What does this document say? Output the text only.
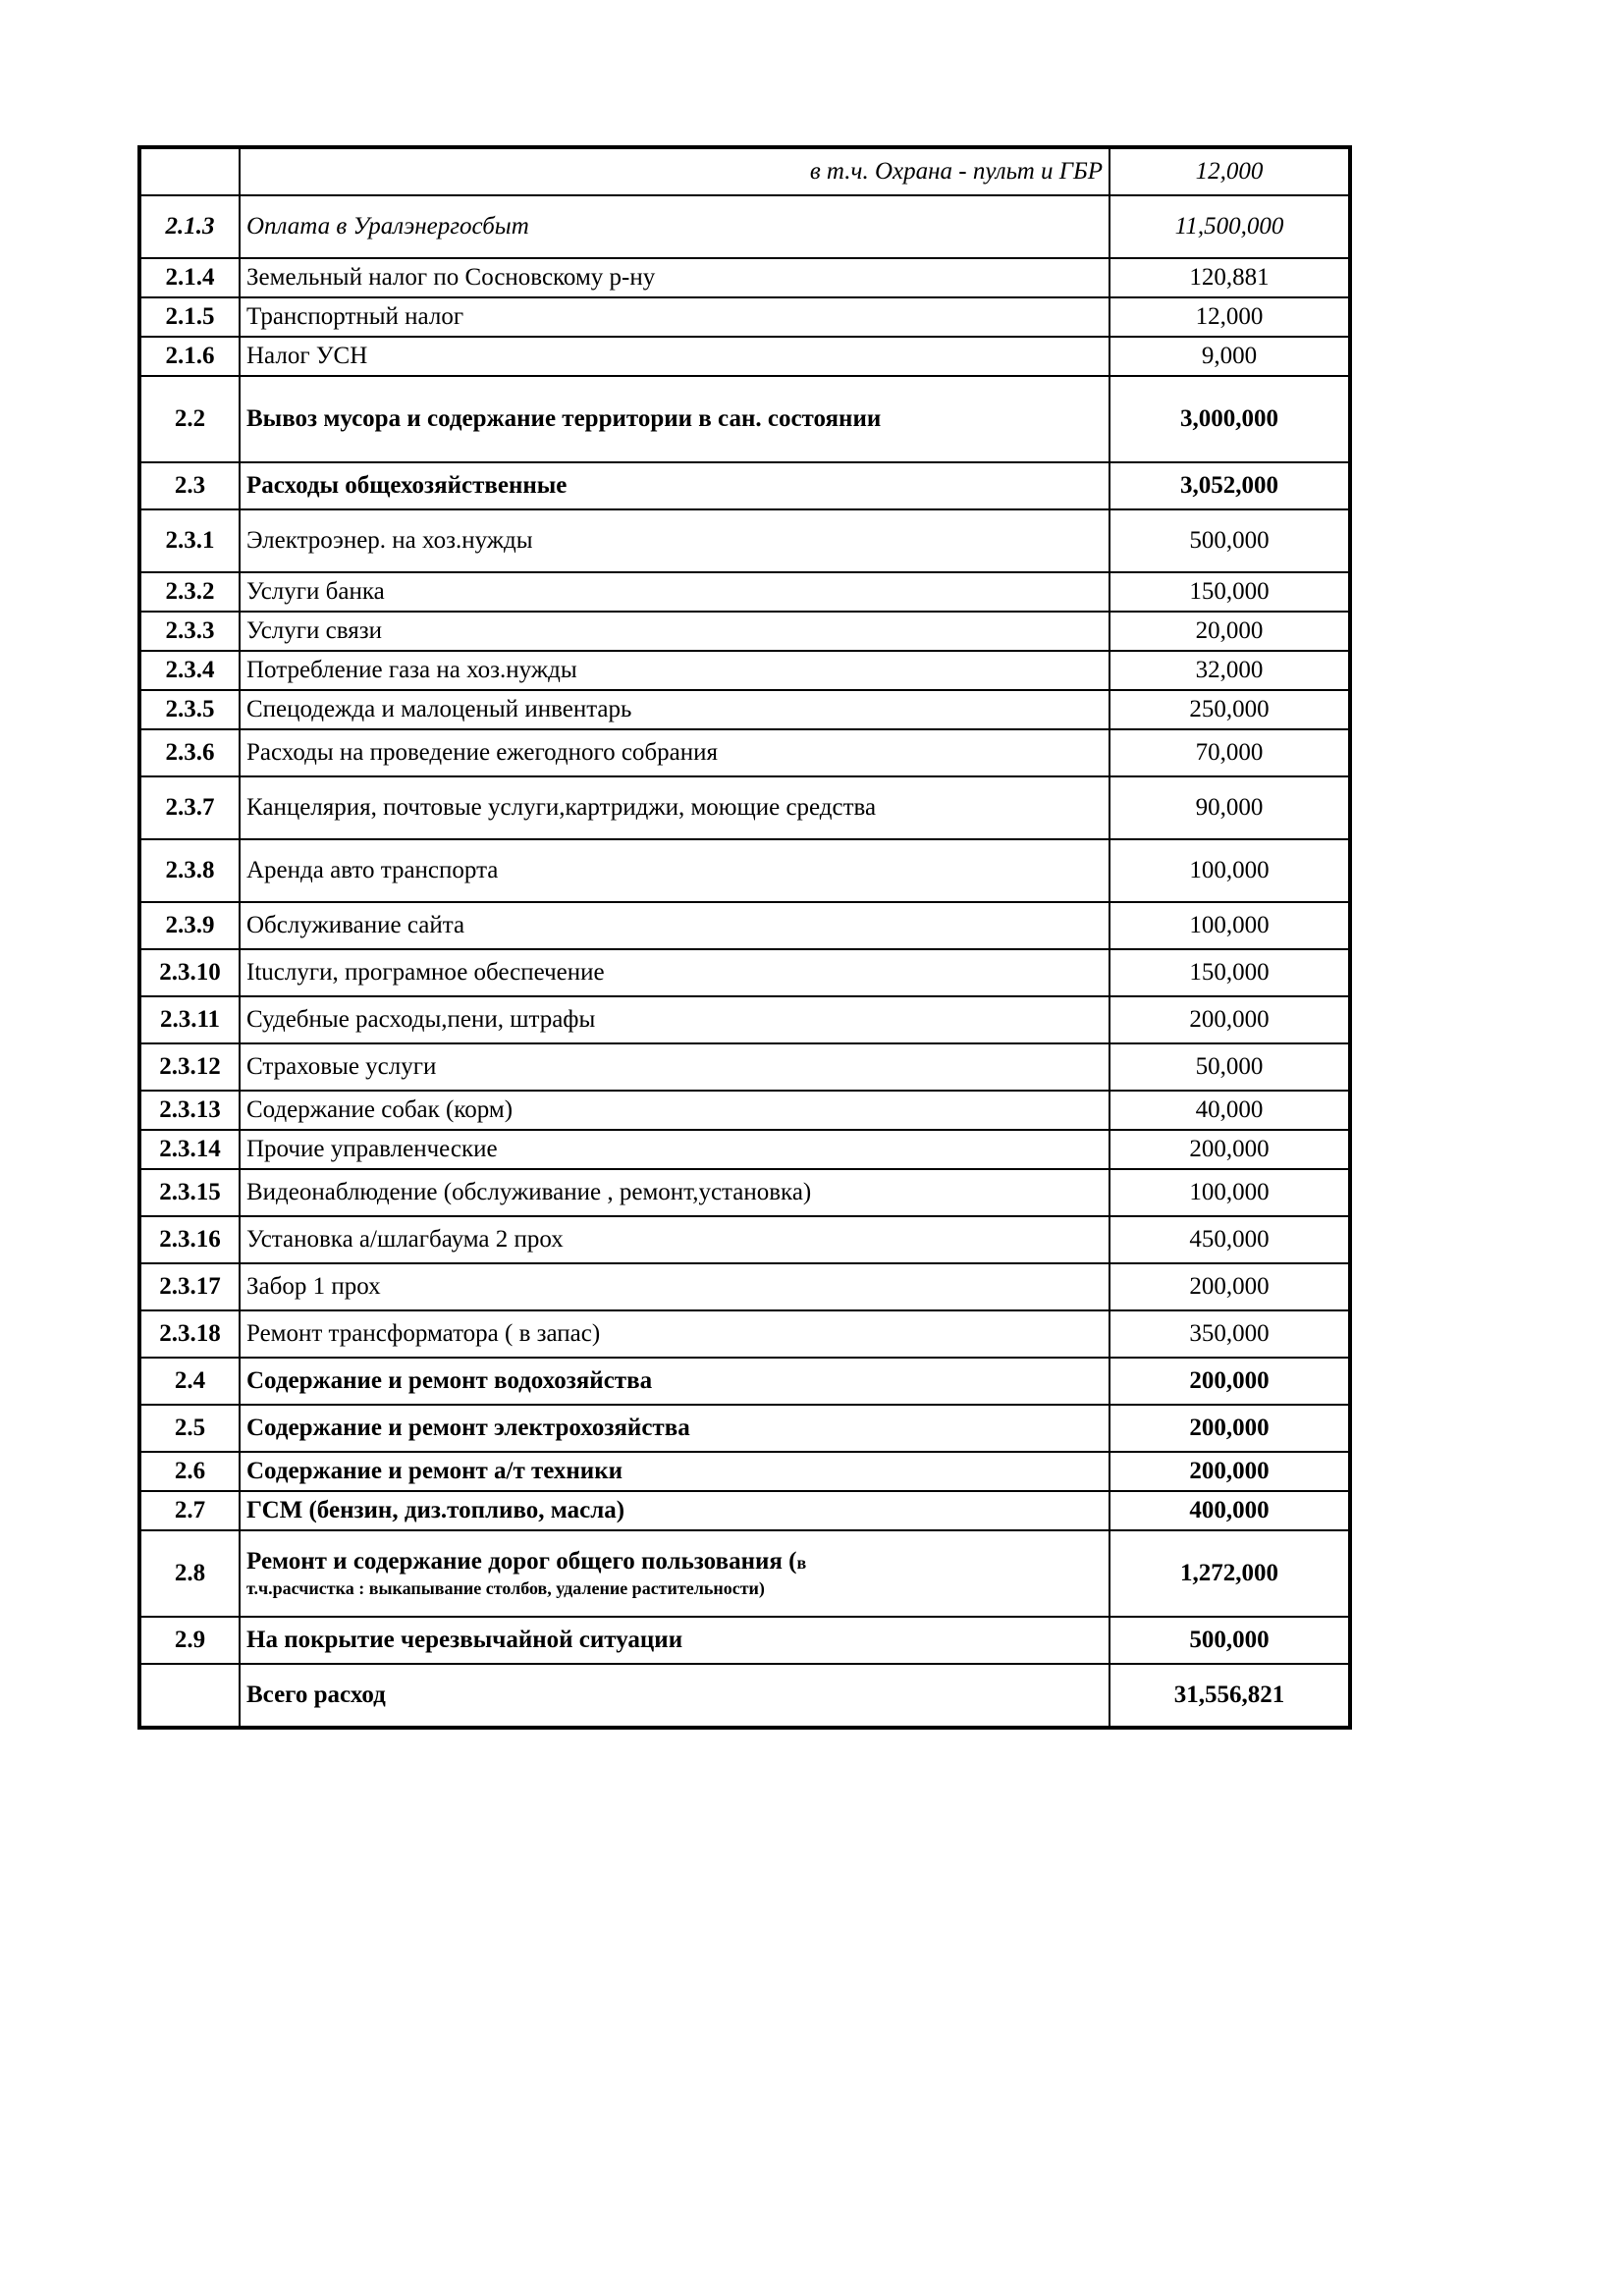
	в т.ч. Охрана - пульт и ГБР	12,000
2.1.3	Оплата в Уралэнергосбыт	11,500,000
2.1.4	Земельный налог по Сосновскому р-ну	120,881
2.1.5	Транспортный налог	12,000
2.1.6	Налог УСН	9,000
2.2	Вывоз мусора и содержание территории в сан. состоянии	3,000,000
2.3	Расходы общехозяйственные	3,052,000
2.3.1	Электроэнер. на хоз.нужды	500,000
2.3.2	Услуги банка	150,000
2.3.3	Услуги связи	20,000
2.3.4	Потребление газа на хоз.нужды	32,000
2.3.5	Спецодежда и малоценый инвентарь	250,000
2.3.6	Расходы на проведение ежегодного собрания	70,000
2.3.7	Канцелярия, почтовые услуги,картриджи, моющие средства	90,000
2.3.8	Аренда авто транспорта	100,000
2.3.9	Обслуживание сайта	100,000
2.3.10	Ituслуги, програмное обеспечение	150,000
2.3.11	Судебные расходы,пени, штрафы	200,000
2.3.12	Страховые услуги	50,000
2.3.13	Содержание собак (корм)	40,000
2.3.14	Прочие управленческие	200,000
2.3.15	Видеонаблюдение (обслуживание , ремонт,установка)	100,000
2.3.16	Установка а/шлагбаума 2 прох	450,000
2.3.17	Забор 1 прох	200,000
2.3.18	Ремонт трансформатора ( в запас)	350,000
2.4	Содержание и ремонт водохозяйства	200,000
2.5	Содержание и ремонт электрохозяйства	200,000
2.6	Содержание и ремонт а/т техники	200,000
2.7	ГСМ (бензин, диз.топливо, масла)	400,000
2.8	Ремонт и содержание дорог общего пользования (в
т.ч.расчистка : выкапывание столбов, удаление растительности)	1,272,000
2.9	На покрытие черезвычайной ситуации	500,000
	Всего расход	31,556,821
